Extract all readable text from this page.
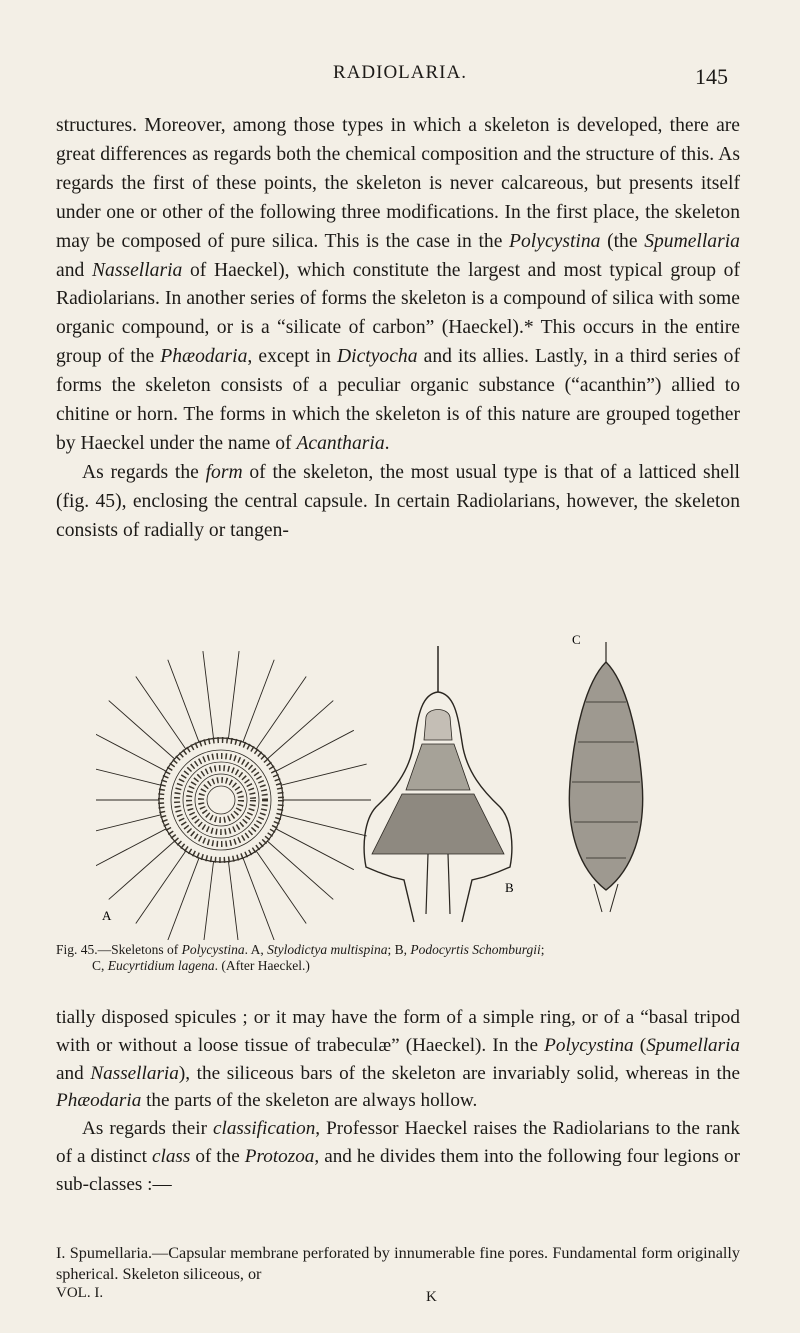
RADIOLARIA.	145

structures. Moreover, among those types in which a skeleton is developed, there are great differences as regards both the chemical composition and the structure of this. As regards the first of these points, the skeleton is never calcareous, but presents itself under one or other of the following three modifications. In the first place, the skeleton may be composed of pure silica. This is the case in the Polycystina (the Spumellaria and Nassellaria of Haeckel), which constitute the largest and most typical group of Radiolarians. In another series of forms the skeleton is a compound of silica with some organic compound, or is a “silicate of carbon” (Haeckel).* This occurs in the entire group of the Phæodaria, except in Dictyocha and its allies. Lastly, in a third series of forms the skeleton consists of a peculiar organic substance (“acanthin”) allied to chitine or horn. The forms in which the skeleton is of this nature are grouped together by Haeckel under the name of Acantharia.

As regards the form of the skeleton, the most usual type is that of a latticed shell (fig. 45), enclosing the central capsule. In certain Radiolarians, however, the skeleton consists of radially or tangen-

A
B
C
Fig. 45.—Skeletons of Polycystina. A, Stylodictya multispina; B, Podocyrtis Schomburgii;
C, Eucyrtidium lagena. (After Haeckel.)

tially disposed spicules ; or it may have the form of a simple ring, or of a “basal tripod with or without a loose tissue of trabeculæ” (Haeckel). In the Polycystina (Spumellaria and Nassellaria), the siliceous bars of the skeleton are invariably solid, whereas in the Phæodaria the parts of the skeleton are always hollow.

As regards their classification, Professor Haeckel raises the Radiolarians to the rank of a distinct class of the Protozoa, and he divides them into the following four legions or sub-classes :—

I. Spumellaria.—Capsular membrane perforated by innumerable fine pores. Fundamental form originally spherical. Skeleton siliceous, or
VOL. I.	K
